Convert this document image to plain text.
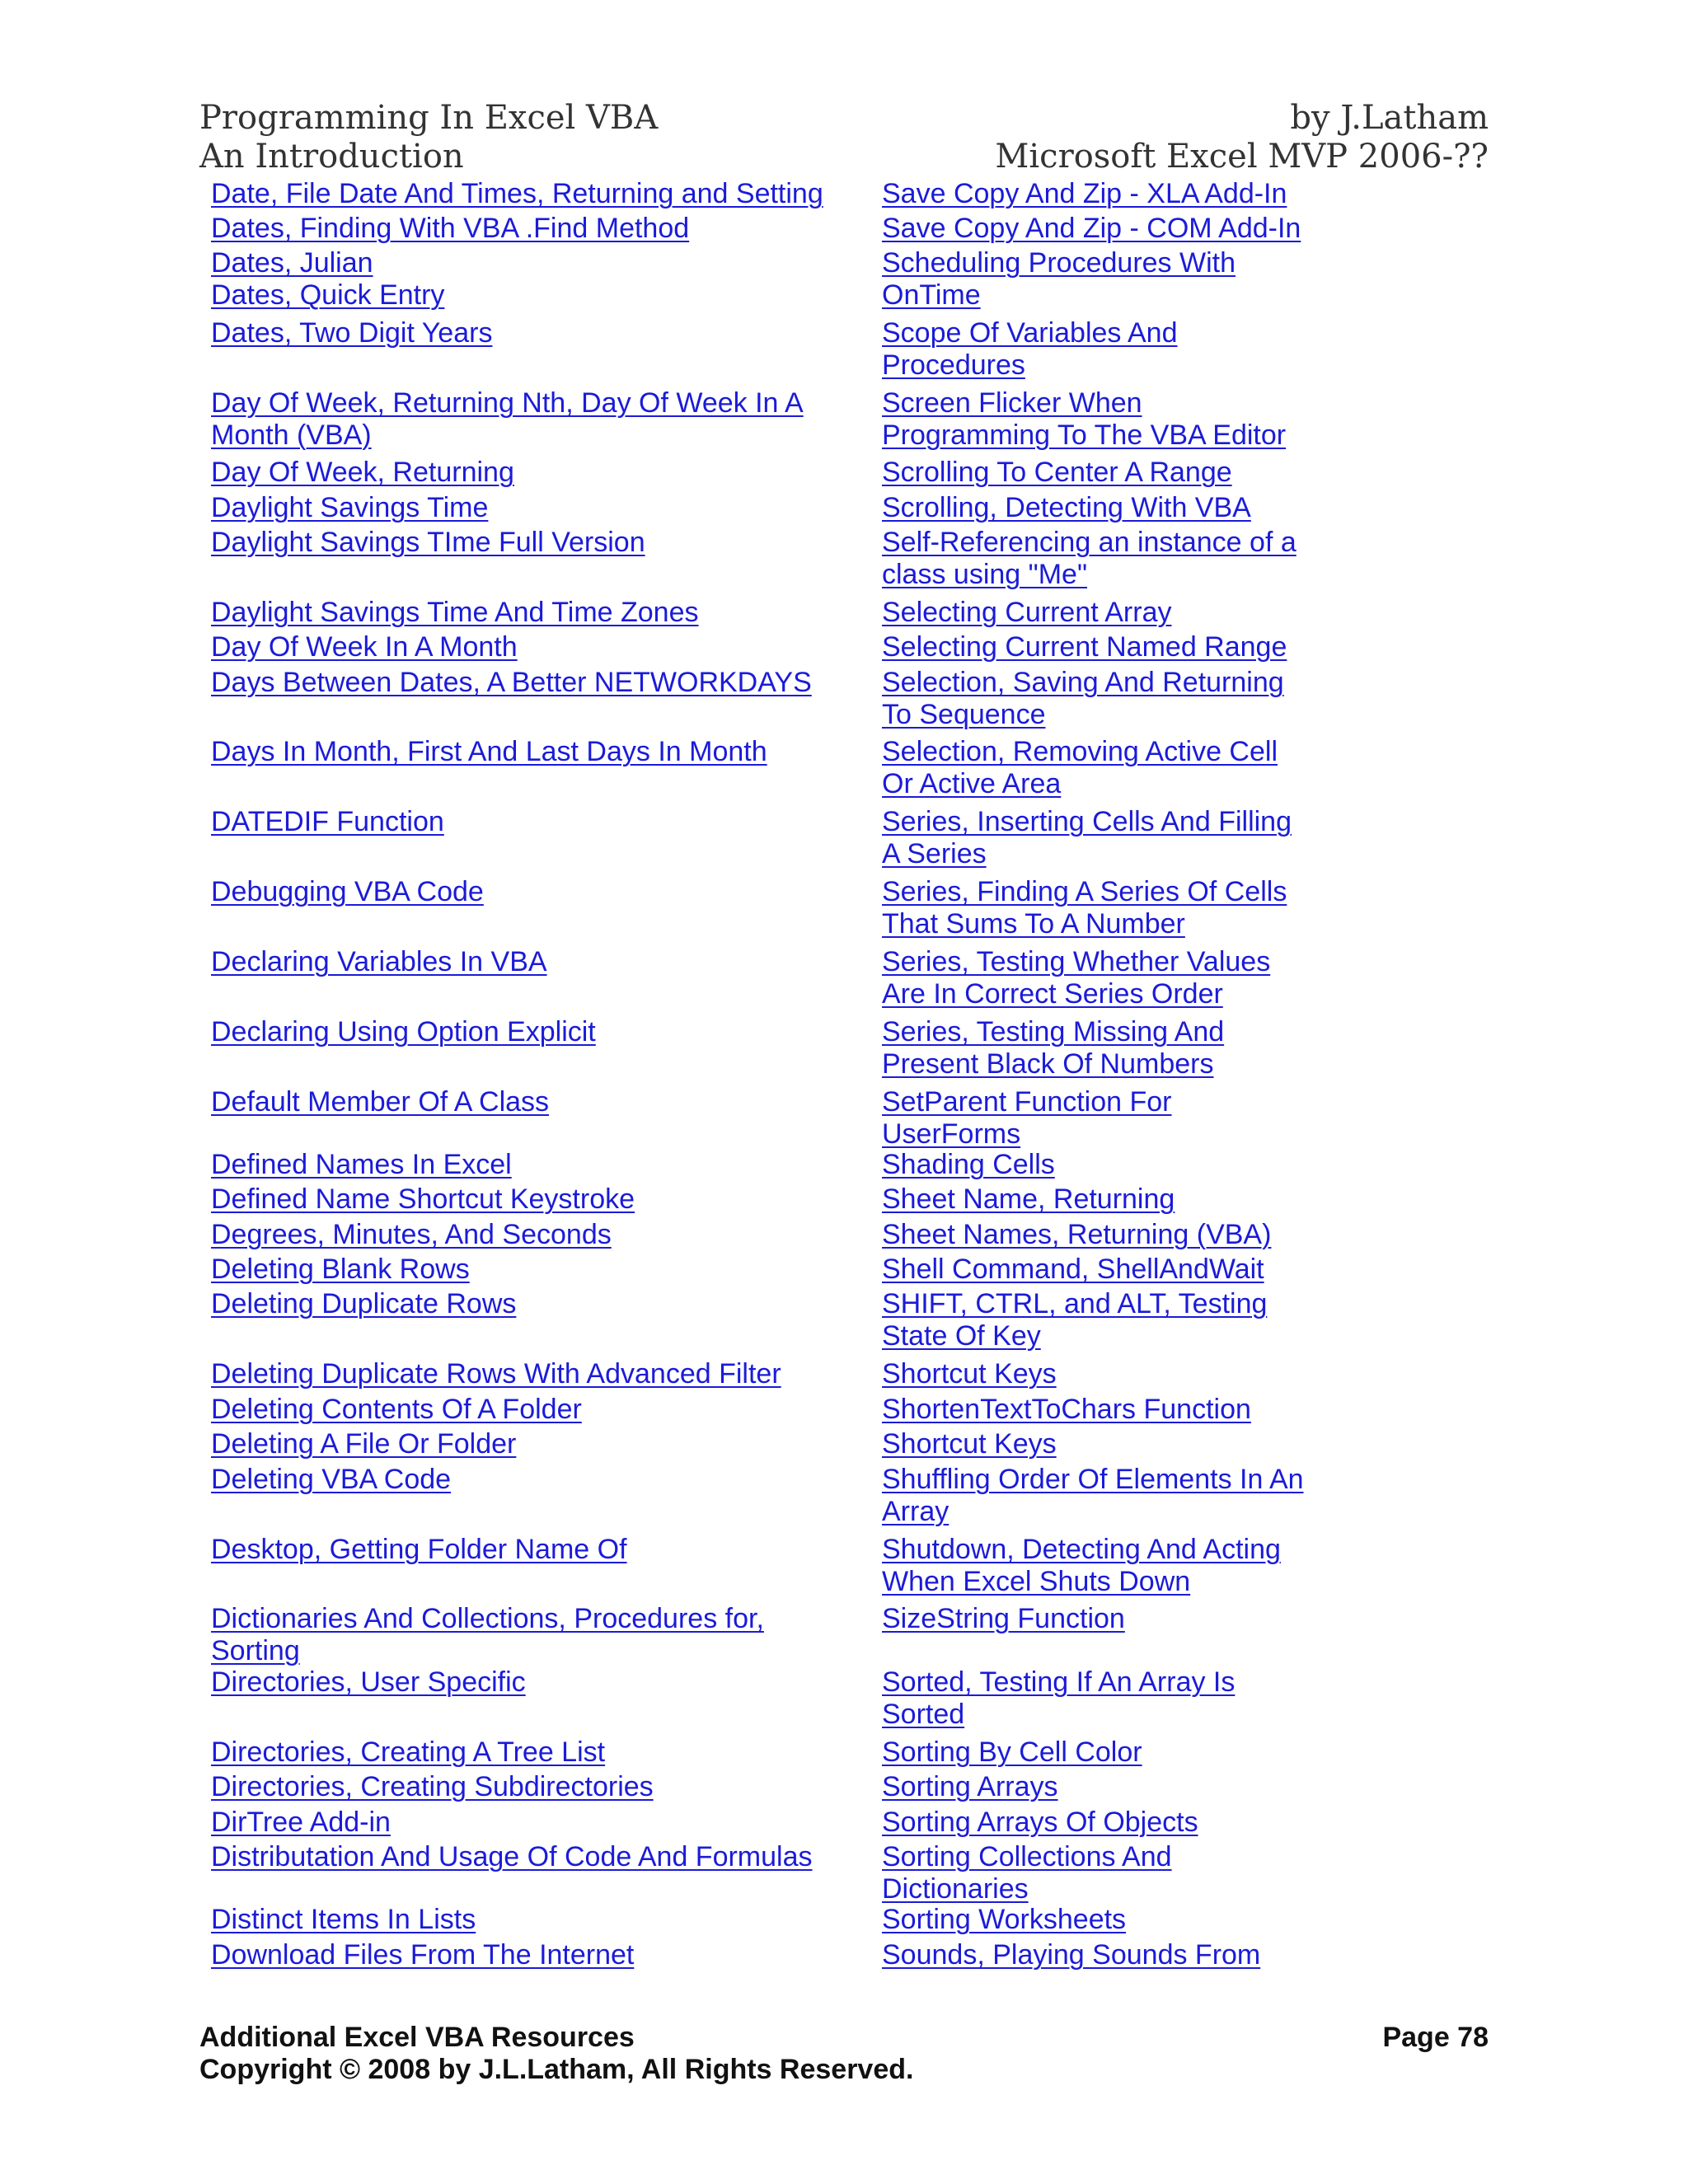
Programming In Excel VBA
An Introduction
by J.Latham
Microsoft Excel MVP 2006-??
Date, File Date And Times, Returning and Setting
Dates, Finding With VBA .Find Method
Dates, Julian
Dates, Quick Entry
Dates, Two Digit Years
Day Of Week, Returning Nth, Day Of Week In A
Month (VBA)
Day Of Week, Returning
Daylight Savings Time
Daylight Savings TIme Full Version
Daylight Savings Time And Time Zones
Day Of Week In A Month
Days Between Dates, A Better NETWORKDAYS
Days In Month, First And Last Days In Month
DATEDIF Function
Debugging VBA Code
Declaring Variables In VBA
Declaring Using Option Explicit
Default Member Of A Class
Defined Names In Excel
Defined Name Shortcut Keystroke
Degrees, Minutes, And Seconds
Deleting Blank Rows
Deleting Duplicate Rows
Deleting Duplicate Rows With Advanced Filter
Deleting Contents Of A Folder
Deleting A File Or Folder
Deleting VBA Code
Desktop, Getting Folder Name Of
Dictionaries And Collections, Procedures for,
Sorting
Directories, User Specific
Directories, Creating A Tree List
Directories, Creating Subdirectories
DirTree Add-in
Distributation And Usage Of Code And Formulas
Distinct Items In Lists
Download Files From The Internet
Save Copy And Zip - XLA Add-In
Save Copy And Zip - COM Add-In
Scheduling Procedures With
OnTime
Scope Of Variables And
Procedures
Screen Flicker When
Programming To The VBA Editor
Scrolling To Center A Range
Scrolling, Detecting With VBA
Self-Referencing an instance of a
class using "Me"
Selecting Current Array
Selecting Current Named Range
Selection, Saving And Returning
To Sequence
Selection, Removing Active Cell
Or Active Area
Series, Inserting Cells And Filling
A Series
Series, Finding A Series Of Cells
That Sums To A Number
Series, Testing Whether Values
Are In Correct Series Order
Series, Testing Missing And
Present Black Of Numbers
SetParent Function For
UserForms
Shading Cells
Sheet Name, Returning
Sheet Names, Returning (VBA)
Shell Command, ShellAndWait
SHIFT, CTRL, and ALT, Testing
State Of Key
Shortcut Keys
ShortenTextToChars Function
Shortcut Keys
Shuffling Order Of Elements In An
Array
Shutdown, Detecting And Acting
When Excel Shuts Down
SizeString Function
Sorted, Testing If An Array Is
Sorted
Sorting By Cell Color
Sorting Arrays
Sorting Arrays Of Objects
Sorting Collections And
Dictionaries
Sorting Worksheets
Sounds, Playing Sounds From
Additional Excel VBA Resources
Copyright © 2008 by J.L.Latham, All Rights Reserved.
Page 78
